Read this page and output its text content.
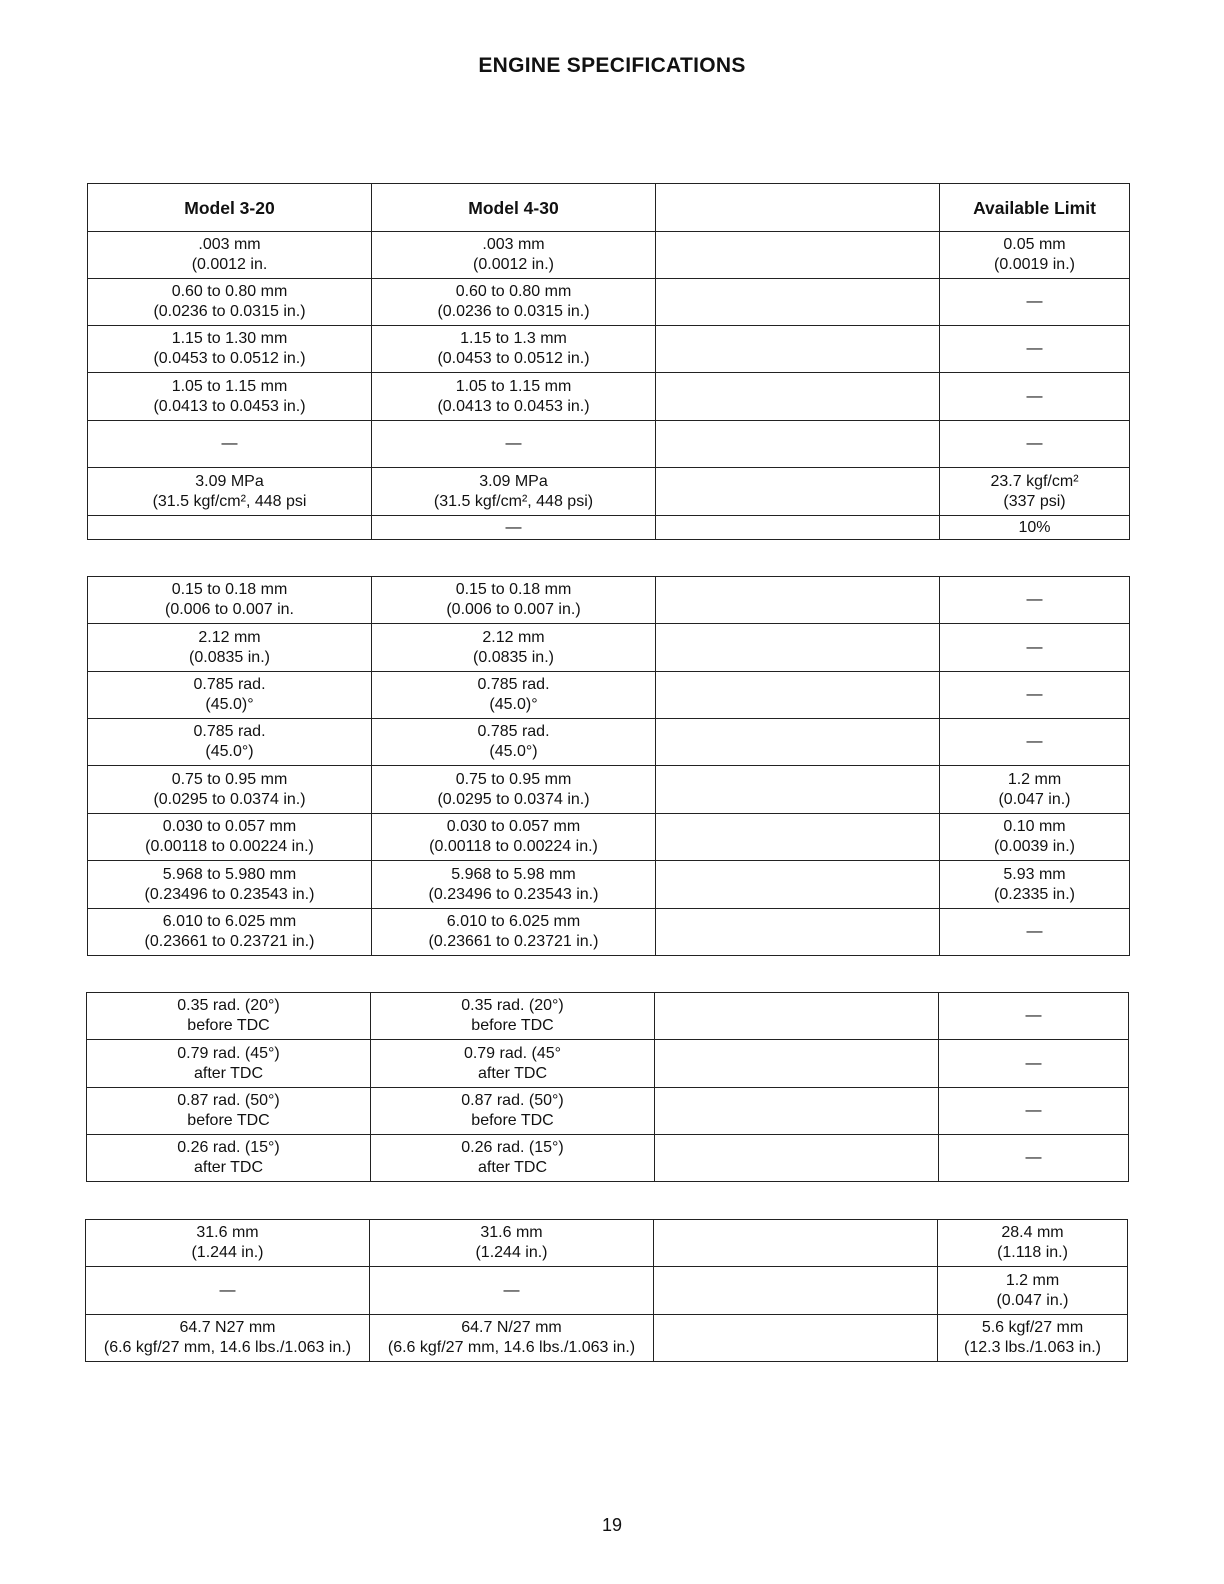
ENGINE SPECIFICATIONS
Model 3-20	Model 4-30		Available Limit
.003 mm
(0.0012 in.	.003 mm
(0.0012 in.)		0.05 mm
(0.0019 in.)
0.60 to 0.80 mm
(0.0236 to 0.0315 in.)	0.60 to 0.80 mm
(0.0236 to 0.0315 in.)		—
1.15 to 1.30 mm
(0.0453 to 0.0512 in.)	1.15 to 1.3 mm
(0.0453 to 0.0512 in.)		—
1.05 to 1.15 mm
(0.0413 to 0.0453 in.)	1.05 to 1.15 mm
(0.0413 to 0.0453 in.)		—
—	—		—
3.09 MPa
(31.5 kgf/cm², 448 psi	3.09 MPa
(31.5 kgf/cm², 448 psi)		23.7 kgf/cm²
(337 psi)
	—		10%
0.15 to 0.18 mm
(0.006 to 0.007 in.	0.15 to 0.18 mm
(0.006 to 0.007 in.)		—
2.12 mm
(0.0835 in.)	2.12 mm
(0.0835 in.)		—
0.785 rad.
(45.0)°	0.785 rad.
(45.0)°		—
0.785 rad.
(45.0°)	0.785 rad.
(45.0°)		—
0.75 to 0.95 mm
(0.0295 to 0.0374 in.)	0.75 to 0.95 mm
(0.0295 to 0.0374 in.)		1.2 mm
(0.047 in.)
0.030 to 0.057 mm
(0.00118 to 0.00224 in.)	0.030 to 0.057 mm
(0.00118 to 0.00224 in.)		0.10 mm
(0.0039 in.)
5.968 to 5.980 mm
(0.23496 to 0.23543 in.)	5.968 to 5.98 mm
(0.23496 to 0.23543 in.)		5.93 mm
(0.2335 in.)
6.010 to 6.025 mm
(0.23661 to 0.23721 in.)	6.010 to 6.025 mm
(0.23661 to 0.23721 in.)		—
0.35 rad. (20°)
before TDC	0.35 rad. (20°)
before TDC		—
0.79 rad. (45°)
after TDC	0.79 rad. (45°
after TDC		—
0.87 rad. (50°)
before TDC	0.87 rad. (50°)
before TDC		—
0.26 rad. (15°)
after TDC	0.26 rad. (15°)
after TDC		—
31.6 mm
(1.244 in.)	31.6 mm
(1.244 in.)		28.4 mm
(1.118 in.)
—	—		1.2 mm
(0.047 in.)
64.7 N27 mm
(6.6 kgf/27 mm, 14.6 lbs./1.063 in.)	64.7 N/27 mm
(6.6 kgf/27 mm, 14.6 lbs./1.063 in.)		5.6 kgf/27 mm
(12.3 lbs./1.063 in.)
19
